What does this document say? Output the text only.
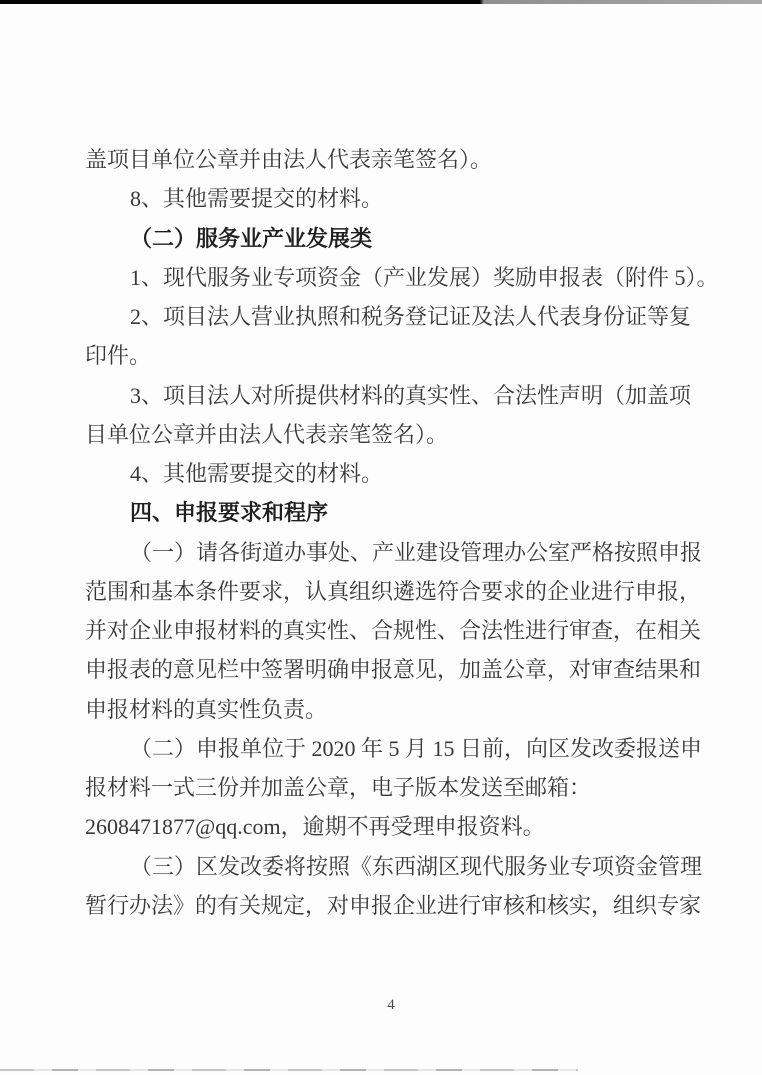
盖项目单位公章并由法人代表亲笔签名）。
8、其他需要提交的材料。
（二）服务业产业发展类
1、现代服务业专项资金（产业发展）奖励申报表（附件 5）。
2、项目法人营业执照和税务登记证及法人代表身份证等复
印件。
3、项目法人对所提供材料的真实性、合法性声明（加盖项
目单位公章并由法人代表亲笔签名）。
4、其他需要提交的材料。
四、申报要求和程序
（一）请各街道办事处、产业建设管理办公室严格按照申报
范围和基本条件要求，认真组织遴选符合要求的企业进行申报，
并对企业申报材料的真实性、合规性、合法性进行审查，在相关
申报表的意见栏中签署明确申报意见，加盖公章，对审查结果和
申报材料的真实性负责。
（二）申报单位于 2020 年 5 月 15 日前，向区发改委报送申
报材料一式三份并加盖公章，电子版本发送至邮箱：
2608471877@qq.com，逾期不再受理申报资料。
（三）区发改委将按照《东西湖区现代服务业专项资金管理
暂行办法》的有关规定，对申报企业进行审核和核实，组织专家
4
